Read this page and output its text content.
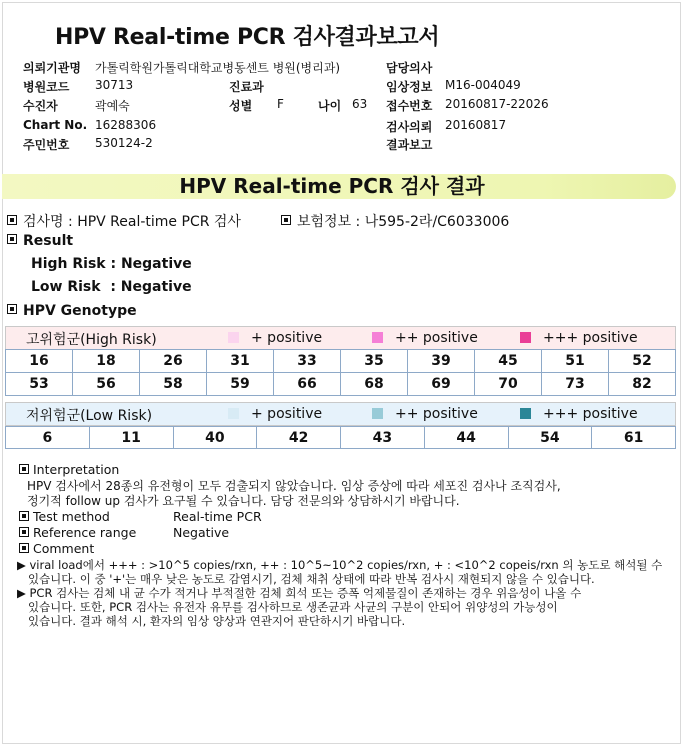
HPV Real-time PCR 검사결과보고서
의뢰기관명 가톨릭학원가톨릭대학교병동센트 병원(병리과)
병원코드 30713
수진자	곽예숙
Chart No. 16288306
주민번호 530124-2
진료과
성별 F	나이 63
담당의사
임상정보 M16-004049
접수번호 20160817-22026
검사의뢰 20160817
결과보고
HPV Real-time PCR 검사 결과
검사명 : HPV Real-time PCR 검사	보험정보 : 나595-2라/C6033006
Result
High Risk : Negative
Low Risk  : Negative
HPV Genotype
고위험군(High Risk)	+ positive	++ positive	+++ positive
16	18	26	31	33	35	39	45	51	52
53	56	58	59	66	68	69	70	73	82
저위험군(Low Risk)	+ positive	++ positive	+++ positive
6	11	40	42	43	44	54	61
Interpretation
HPV 검사에서 28종의 유전형이 모두 검출되지 않았습니다. 임상 증상에 따라 세포진 검사나 조직검사,
정기적 follow up 검사가 요구될 수 있습니다. 담당 전문의와 상담하시기 바랍니다.
Test method	Real-time PCR
Reference range	Negative
Comment
▶ viral load에서 +++ : >10^5 copies/rxn, ++ : 10^5~10^2 copies/rxn, + : <10^2 copeis/rxn 의 농도로 해석될 수
있습니다. 이 중 '+'는 매우 낮은 농도로 감염시기, 검체 채취 상태에 따라 반복 검사시 재현되지 않을 수 있습니다.
▶ PCR 검사는 검체 내 균 수가 적거나 부적절한 검체 희석 또는 증폭 억제물질이 존재하는 경우 위음성이 나올 수
있습니다. 또한, PCR 검사는 유전자 유무를 검사하므로 생존균과 사균의 구분이 안되어 위양성의 가능성이
있습니다. 결과 해석 시, 환자의 임상 양상과 연관지어 판단하시기 바랍니다.
